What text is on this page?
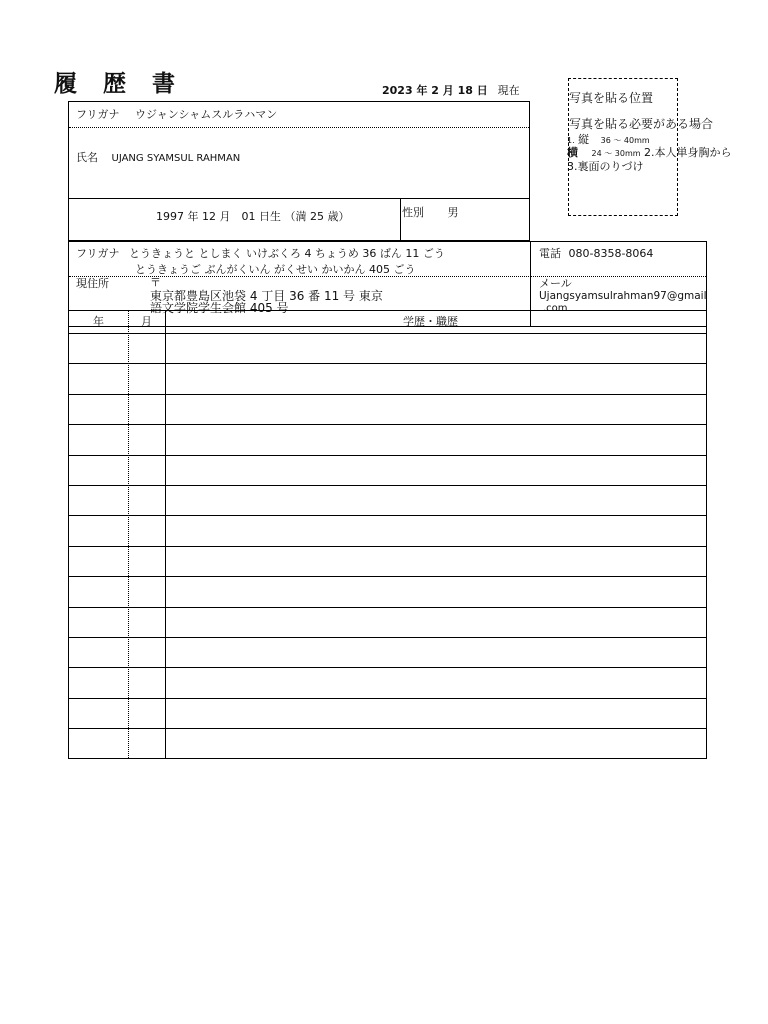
履 歴 書	2023 年 2 月 18 日 現在
フリガナ ウジャンシャムスルラハマン
氏名 UJANG SYAMSUL RAHMAN
1997 年 12 月　01 日生 （満 25 歳）	性別 男
写真を貼る位置
写真を貼る必要がある場合
1. 縦 36 〜 40mm
横 24 〜 30mm 2.本人単身胸から
3.裏面のりづけ
フリガナ とうきょうと としまく いけぶくろ 4 ちょうめ 36 ばん 11 ごう
とうきょうご ぶんがくいん がくせい かいかん 405 ごう
現住所	〒
東京都豊島区池袋 4 丁目 36 番 11 号 東京
語文学院学生会館 405 号
電話 080-8358-8064
メール
Ujangsyamsulrahman97@gmail
.com
年	月	学歴・職歴
